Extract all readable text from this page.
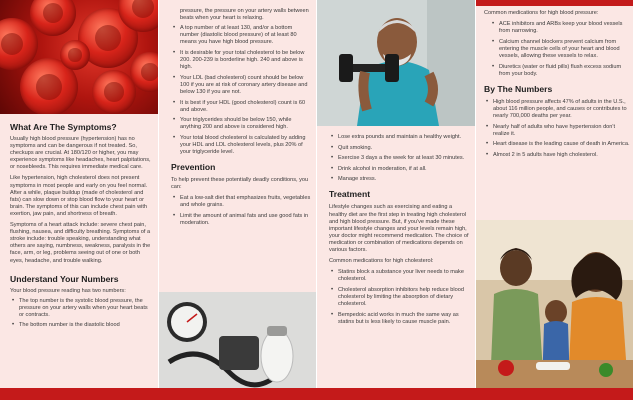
What Are The Symptoms?

Usually high blood pressure (hypertension) has no symptoms and can be dangerous if not treated. So, checkups are crucial. At 180/120 or higher, you may experience symptoms like headaches, heart palpitations, or nosebleeds. This requires immediate medical care.

Like hypertension, high cholesterol does not present symptoms in most people and early on you feel normal. After a while, plaque buildup (made of cholesterol and fats) can slow down or stop blood flow to your heart or brain. The symptoms of this can include chest pain with exertion, jaw pain, and shortness of breath.

Symptoms of a heart attack include: severe chest pain, flushing, nausea, and difficulty breathing. Symptoms of a stroke include: trouble speaking, understanding what others are saying, numbness, weakness, paralysis in the face, arm, or leg, problems seeing out of one or both eyes, headache, and trouble walking.

Understand Your Numbers

Your blood pressure reading has two numbers:

• The top number is the systolic blood pressure, the pressure on your artery walls when your heart beats or contracts.
• The bottom number is the diastolic blood

pressure, the pressure on your artery walls between beats when your heart is relaxing.

• A top number of at least 130, and/or a bottom number (diastolic blood pressure) of at least 80 means you have high blood pressure.
• It is desirable for your total cholesterol to be below 200. 200-239 is borderline high. 240 and above is high.
• Your LDL (bad cholesterol) count should be below 100 if you are at risk of coronary artery disease and below 130 if you are not.
• It is best if your HDL (good cholesterol) count is 60 and above.
• Your triglycerides should be below 150, while anything 200 and above is considered high.
• Your total blood cholesterol is calculated by adding your HDL and LDL cholesterol levels, plus 20% of your triglyceride level.
Prevention

To help prevent these potentially deadly conditions, you can:

• Eat a low-salt diet that emphasizes fruits, vegetables and whole grains.
• Limit the amount of animal fats and use good fats in moderation.
• Lose extra pounds and maintain a healthy weight.
• Quit smoking.
• Exercise 3 days a the week for at least 30 minutes.
• Drink alcohol in moderation, if at all.
• Manage stress.
Treatment

Lifestyle changes such as exercising and eating a healthy diet are the first step in treating high cholesterol and high blood pressure. But, if you've made these important lifestyle changes and your levels remain high, your doctor might recommend medication. The choice of medication or combination of medications depends on various factors.

Common medications for high cholesterol:

• Statins block a substance your liver needs to make cholesterol.
• Cholesterol absorption inhibitors help reduce blood cholesterol by limiting the absorption of dietary cholesterol.
• Bempedoic acid works in much the same way as statins but is less likely to cause muscle pain.

Common medications for high blood pressure:

• ACE inhibitors and ARBs keep your blood vessels from narrowing.
• Calcium channel blockers prevent calcium from entering the muscle cells of your heart and blood vessels, allowing these vessels to relax.
• Diuretics (water or fluid pills) flush excess sodium from your body.
By The Numbers
• High blood pressure affects 47% of adults in the U.S., about 116 million people, and causes or contributes to nearly 700,000 deaths per year.
• Nearly half of adults who have hypertension don't realize it.
• Heart disease is the leading cause of death in America.
• Almost 2 in 5 adults have high cholesterol.
